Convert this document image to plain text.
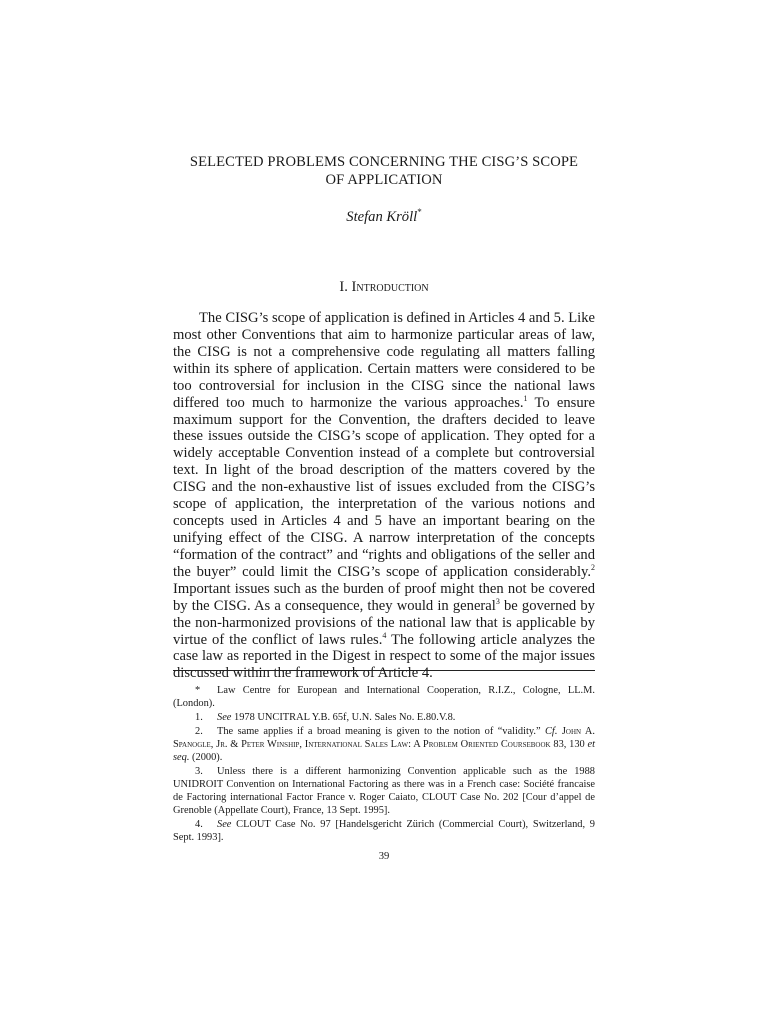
SELECTED PROBLEMS CONCERNING THE CISG’S SCOPE
OF APPLICATION
Stefan Kröll*
I. Introduction

The CISG’s scope of application is defined in Articles 4 and 5. Like most other Conventions that aim to harmonize particular areas of law, the CISG is not a comprehensive code regulating all matters falling within its sphere of application. Certain matters were considered to be too controversial for inclusion in the CISG since the national laws differed too much to harmonize the various approaches.$^1$ To ensure maximum support for the Convention, the drafters decided to leave these issues outside the CISG’s scope of application. They opted for a widely acceptable Convention instead of a complete but controversial text. In light of the broad description of the matters covered by the CISG and the non-exhaustive list of issues excluded from the CISG’s scope of application, the interpretation of the various notions and concepts used in Articles 4 and 5 have an important bearing on the unifying effect of the CISG. A narrow interpretation of the concepts “formation of the contract” and “rights and obligations of the seller and the buyer” could limit the CISG’s scope of application considerably.$^2$ Important issues such as the burden of proof might then not be covered by the CISG. As a consequence, they would in general$^3$ be governed by the non-harmonized provisions of the national law that is applicable by virtue of the conflict of laws rules.$^4$ The following article analyzes the case law as reported in the Digest in respect to some of the major issues discussed within the framework of Article 4.

* Law Centre for European and International Cooperation, R.I.Z., Cologne, LL.M. (London).

1. See 1978 UNCITRAL Y.B. 65f, U.N. Sales No. E.80.V.8.

2. The same applies if a broad meaning is given to the notion of “validity.” Cf. John A. Spanogle, Jr. & Peter Winship, International Sales Law: A Problem Oriented Coursebook 83, 130 et seq. (2000).

3. Unless there is a different harmonizing Convention applicable such as the 1988 UNIDROIT Convention on International Factoring as there was in a French case: Société francaise de Factoring international Factor France v. Roger Caiato, CLOUT Case No. 202 [Cour d’appel de Grenoble (Appellate Court), France, 13 Sept. 1995].

4. See CLOUT Case No. 97 [Handelsgericht Zürich (Commercial Court), Switzerland, 9 Sept. 1993].

39
